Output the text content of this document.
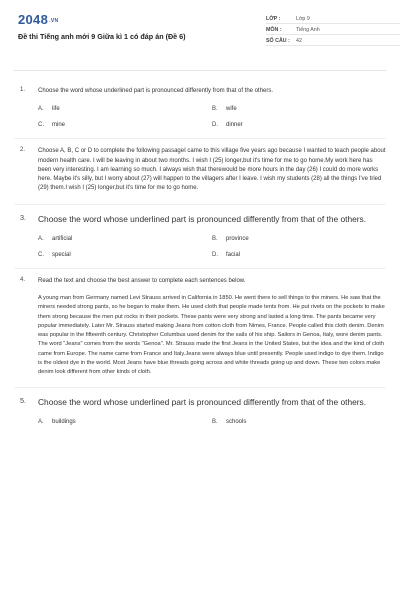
2048.VN
Đề thi Tiếng anh mới 9 Giữa kì 1 có đáp án (Đề 6)
LỚP :	Lớp 9
MÔN :	Tiếng Anh
SỐ CÂU :	42
1. Choose the word whose underlined part is pronounced differently from that of the others.
A.	life	B.	wife
C.	mine	D.	dinner
2. Choose A, B, C or D to complete the following passageI came to this village five years ago because I wanted to teach people about modern health care. I will be leaving in about two months. I wish I (25) longer,but it's time for me to go home.My work here has been very interesting. I am learning so much. I always wish that therewould be more hours in the day (26) I could do more works here. Maybe it's silly, but I worry about (27) will happen to the villagers after I leave. I wish my students (28) all the things I've tried (29) them.I wish I (25) longer,but it's time for me to go home.
3. Choose the word whose underlined part is pronounced differently from that of the others.
A.	artificial	B.	province
C.	special	D.	facial
4. Read the text and choose the best answer to complete each sentences below.

A young man from Germany named Levi Strauss arrived in California in 1850. He went there to sell things to the miners. He saw that the miners needed strong pants, so he began to make them. He used cloth that people made tents from. He put rivets on the pockets to make them strong because the men put rocks in their pockets. These pants were very strong and lasted a long time. The pants became very popular immediately. Later Mr. Strauss started making Jeans from cotton cloth from Nimes, France. People called this cloth denim. Denim was popular in the fifteenth century. Christopher Columbus used denim for the sails of his ship. Sailors in Genoa, Italy, wore denim pants. The word "Jeans" comes from the words "Genoa". Mr. Strauss made the first Jeans in the United States, but the idea and the kind of cloth came from Europe. The name came from France and Italy.Jeans were always blue until presently. People used indigo to dye them. Indigo is the oldest dye in the world. Most Jeans have blue threads going across and white threads going up and down. These two colors make denim look different from other kinds of cloth.

5. Choose the word whose underlined part is pronounced differently from that of the others.
A.	buildings	B.	schools
